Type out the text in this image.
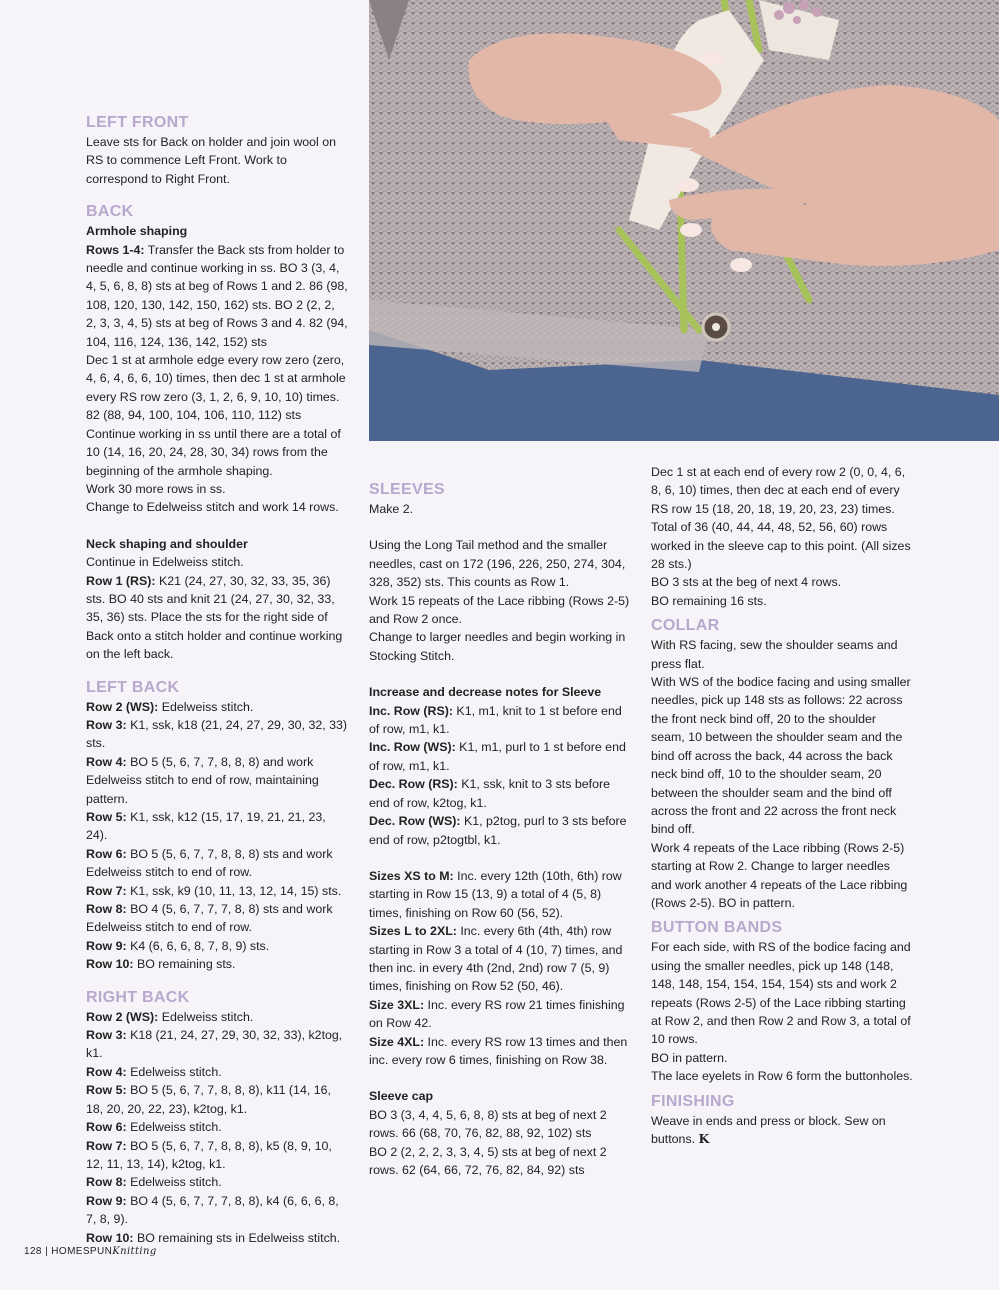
LEFT FRONT

Leave sts for Back on holder and join wool on RS to commence Left Front. Work to correspond to Right Front.

BACK

Armhole shaping

Rows 1-4: Transfer the Back sts from holder to needle and continue working in ss. BO 3 (3, 4, 4, 5, 6, 8, 8) sts at beg of Rows 1 and 2. 86 (98, 108, 120, 130, 142, 150, 162) sts. BO 2 (2, 2, 2, 3, 3, 4, 5) sts at beg of Rows 3 and 4. 82 (94, 104, 116, 124, 136, 142, 152) sts

Dec 1 st at armhole edge every row zero (zero, 4, 6, 4, 6, 6, 10) times, then dec 1 st at armhole every RS row zero (3, 1, 2, 6, 9, 10, 10) times. 82 (88, 94, 100, 104, 106, 110, 112) sts

Continue working in ss until there are a total of 10 (14, 16, 20, 24, 28, 30, 34) rows from the beginning of the armhole shaping.

Work 30 more rows in ss.

Change to Edelweiss stitch and work 14 rows.

Neck shaping and shoulder

Continue in Edelweiss stitch.

Row 1 (RS): K21 (24, 27, 30, 32, 33, 35, 36) sts. BO 40 sts and knit 21 (24, 27, 30, 32, 33, 35, 36) sts. Place the sts for the right side of Back onto a stitch holder and continue working on the left back.

LEFT BACK

Row 2 (WS): Edelweiss stitch.

Row 3: K1, ssk, k18 (21, 24, 27, 29, 30, 32, 33) sts.

Row 4: BO 5 (5, 6, 7, 7, 8, 8, 8) and work Edelweiss stitch to end of row, maintaining pattern.

Row 5: K1, ssk, k12 (15, 17, 19, 21, 21, 23, 24).

Row 6: BO 5 (5, 6, 7, 7, 8, 8, 8) sts and work Edelweiss stitch to end of row.

Row 7: K1, ssk, k9 (10, 11, 13, 12, 14, 15) sts.

Row 8: BO 4 (5, 6, 7, 7, 7, 8, 8) sts and work Edelweiss stitch to end of row.

Row 9: K4 (6, 6, 6, 8, 7, 8, 9) sts.

Row 10: BO remaining sts.

RIGHT BACK

Row 2 (WS): Edelweiss stitch.

Row 3: K18 (21, 24, 27, 29, 30, 32, 33), k2tog, k1.

Row 4: Edelweiss stitch.

Row 5: BO 5 (5, 6, 7, 7, 8, 8, 8), k11 (14, 16, 18, 20, 20, 22, 23), k2tog, k1.

Row 6: Edelweiss stitch.

Row 7: BO 5 (5, 6, 7, 7, 8, 8, 8), k5 (8, 9, 10, 12, 11, 13, 14), k2tog, k1.

Row 8: Edelweiss stitch.

Row 9: BO 4 (5, 6, 7, 7, 7, 8, 8), k4 (6, 6, 6, 8, 7, 8, 9).

Row 10: BO remaining sts in Edelweiss stitch.

SLEEVES

Make 2.

Using the Long Tail method and the smaller needles, cast on 172 (196, 226, 250, 274, 304, 328, 352) sts. This counts as Row 1.

Work 15 repeats of the Lace ribbing (Rows 2-5) and Row 2 once.

Change to larger needles and begin working in Stocking Stitch.

Increase and decrease notes for Sleeve

Inc. Row (RS): K1, m1, knit to 1 st before end of row, m1, k1.

Inc. Row (WS): K1, m1, purl to 1 st before end of row, m1, k1.

Dec. Row (RS): K1, ssk, knit to 3 sts before end of row, k2tog, k1.

Dec. Row (WS): K1, p2tog, purl to 3 sts before end of row, p2togtbl, k1.

Sizes XS to M: Inc. every 12th (10th, 6th) row starting in Row 15 (13, 9) a total of 4 (5, 8) times, finishing on Row 60 (56, 52).

Sizes L to 2XL: Inc. every 6th (4th, 4th) row starting in Row 3 a total of 4 (10, 7) times, and then inc. in every 4th (2nd, 2nd) row 7 (5, 9) times, finishing on Row 52 (50, 46).

Size 3XL: Inc. every RS row 21 times finishing on Row 42.

Size 4XL: Inc. every RS row 13 times and then inc. every row 6 times, finishing on Row 38.

Sleeve cap

BO 3 (3, 4, 4, 5, 6, 8, 8) sts at beg of next 2 rows. 66 (68, 70, 76, 82, 88, 92, 102) sts

BO 2 (2, 2, 2, 3, 3, 4, 5) sts at beg of next 2 rows. 62 (64, 66, 72, 76, 82, 84, 92) sts

Dec 1 st at each end of every row 2 (0, 0, 4, 6, 8, 6, 10) times, then dec at each end of every RS row 15 (18, 20, 18, 19, 20, 23, 23) times. Total of 36 (40, 44, 44, 48, 52, 56, 60) rows worked in the sleeve cap to this point. (All sizes 28 sts.)

BO 3 sts at the beg of next 4 rows.

BO remaining 16 sts.

COLLAR

With RS facing, sew the shoulder seams and press flat.

With WS of the bodice facing and using smaller needles, pick up 148 sts as follows: 22 across the front neck bind off, 20 to the shoulder seam, 10 between the shoulder seam and the bind off across the back, 44 across the back neck bind off, 10 to the shoulder seam, 20 between the shoulder seam and the bind off across the front and 22 across the front neck bind off.

Work 4 repeats of the Lace ribbing (Rows 2-5) starting at Row 2. Change to larger needles and work another 4 repeats of the Lace ribbing (Rows 2-5). BO in pattern.

BUTTON BANDS

For each side, with RS of the bodice facing and using the smaller needles, pick up 148 (148, 148, 148, 154, 154, 154, 154) sts and work 2 repeats (Rows 2-5) of the Lace ribbing starting at Row 2, and then Row 2 and Row 3, a total of 10 rows.

BO in pattern.

The lace eyelets in Row 6 form the buttonholes.

FINISHING

Weave in ends and press or block. Sew on buttons. K

128 | HOMESPUNKnitting
